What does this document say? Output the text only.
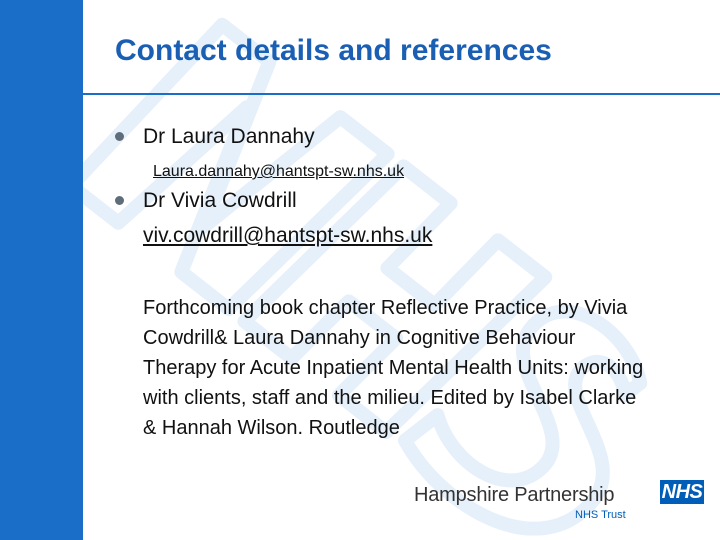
Contact details and references
Dr Laura Dannahy
Laura.dannahy@hantspt-sw.nhs.uk
Dr Vivia Cowdrill
viv.cowdrill@hantspt-sw.nhs.uk

Forthcoming book chapter Reflective Practice, by Vivia Cowdrill& Laura Dannahy in Cognitive Behaviour Therapy for Acute Inpatient Mental Health Units: working with clients, staff and the milieu. Edited by Isabel Clarke & Hannah Wilson. Routledge

Hampshire Partnership NHS
NHS Trust
